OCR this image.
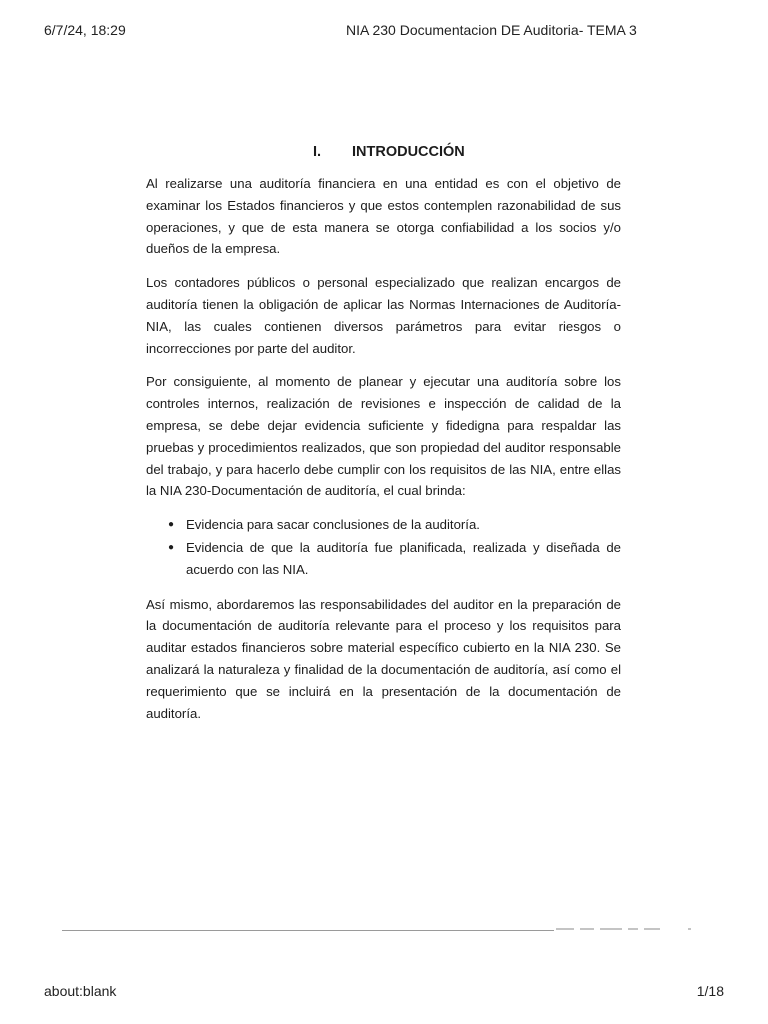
6/7/24, 18:29	NIA 230 Documentacion DE Auditoria- TEMA 3
I. INTRODUCCIÓN

Al realizarse una auditoría financiera en una entidad es con el objetivo de examinar los Estados financieros y que estos contemplen razonabilidad de sus operaciones, y que de esta manera se otorga confiabilidad a los socios y/o dueños de la empresa.

Los contadores públicos o personal especializado que realizan encargos de auditoría tienen la obligación de aplicar las Normas Internaciones de Auditoría-NIA, las cuales contienen diversos parámetros para evitar riesgos o incorrecciones por parte del auditor.

Por consiguiente, al momento de planear y ejecutar una auditoría sobre los controles internos, realización de revisiones e inspección de calidad de la empresa, se debe dejar evidencia suficiente y fidedigna para respaldar las pruebas y procedimientos realizados, que son propiedad del auditor responsable del trabajo, y para hacerlo debe cumplir con los requisitos de las NIA, entre ellas la NIA 230-Documentación de auditoría, el cual brinda:

● Evidencia para sacar conclusiones de la auditoría.
● Evidencia de que la auditoría fue planificada, realizada y diseñada de acuerdo con las NIA.

Así mismo, abordaremos las responsabilidades del auditor en la preparación de la documentación de auditoría relevante para el proceso y los requisitos para auditar estados financieros sobre material específico cubierto en la NIA 230. Se analizará la naturaleza y finalidad de la documentación de auditoría, así como el requerimiento que se incluirá en la presentación de la documentación de auditoría.

about:blank	1/18
